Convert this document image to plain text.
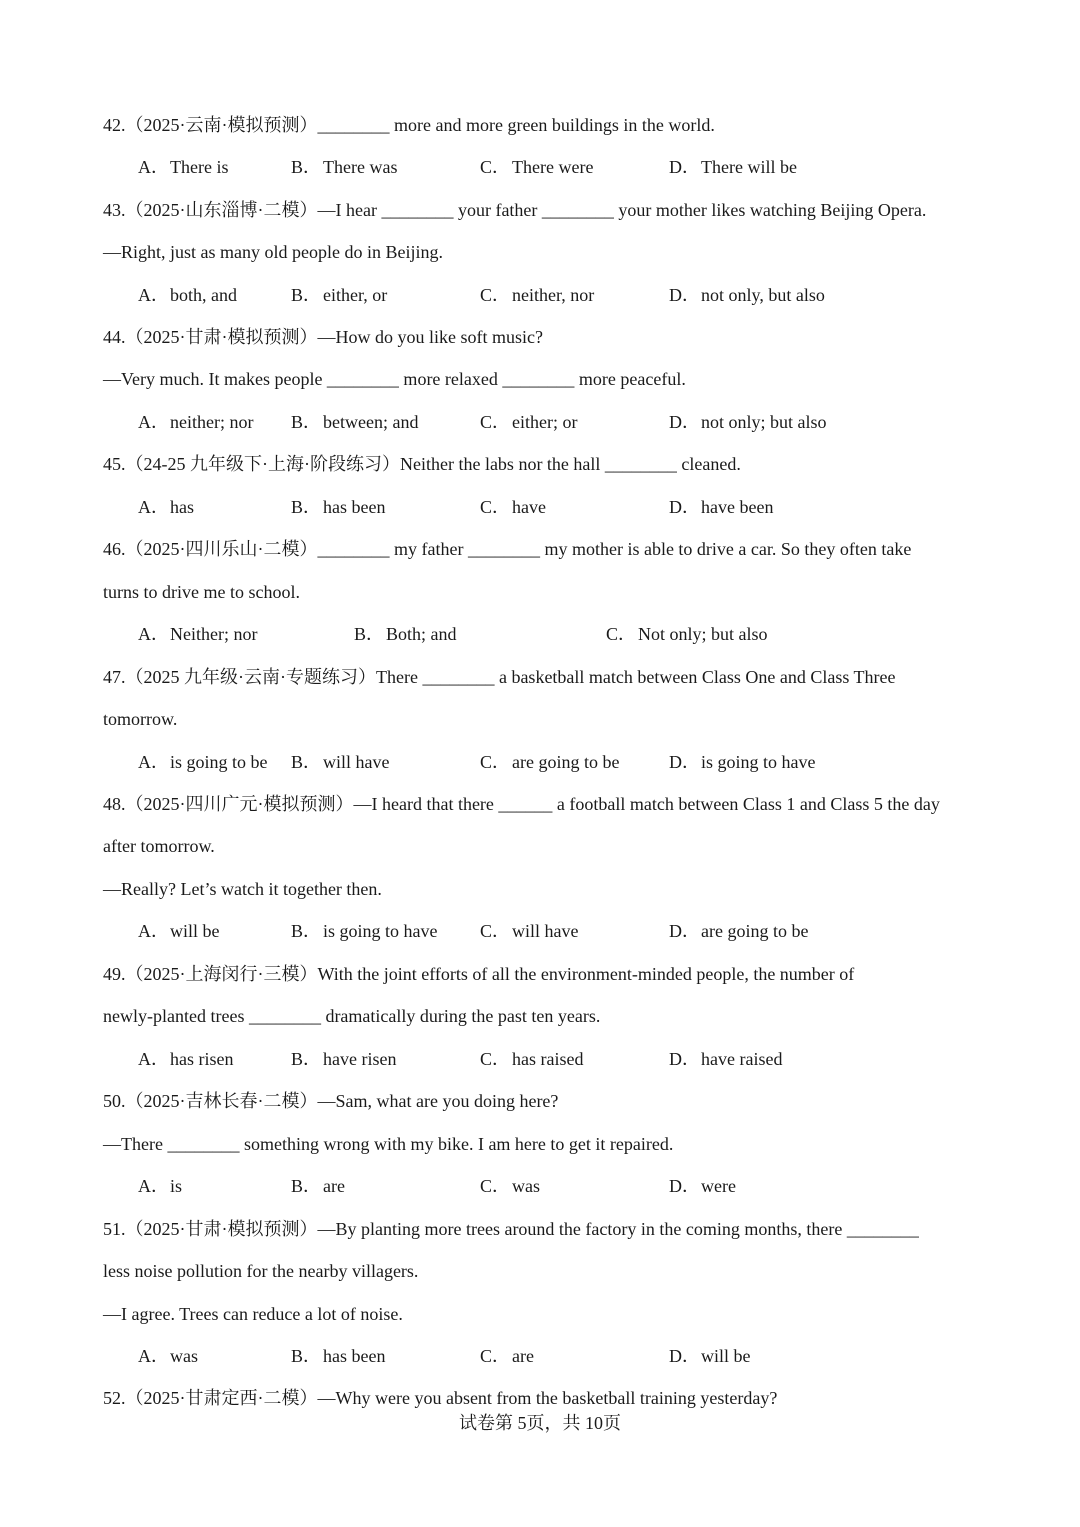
42.（2025·云南·模拟预测）________ more and more green buildings in the world.
A．There is	B． There was	C． There were	D．There will be
43.（2025·山东淄博·二模）—I hear ________ your father ________ your mother likes watching Beijing Opera.
—Right, just as many old people do in Beijing.
A．both, and	B． either, or	C． neither, nor	D．not only, but also
44.（2025·甘肃·模拟预测）—How do you like soft music?
—Very much. It makes people ________ more relaxed ________ more peaceful.
A．neither; nor B． between; and	C． either; or	D．not only; but also
45.（24-25 九年级下·上海·阶段练习）Neither the labs nor the hall ________ cleaned.
A．has	B． has been	C． have	D．have been
46.（2025·四川乐山·二模）________ my father ________ my mother is able to drive a car. So they often take
turns to drive me to school.
A．Neither; nor	B． Both; and	C． Not only; but also
47.（2025 九年级·云南·专题练习）There ________ a basketball match between Class One and Class Three
tomorrow.
A．is going to be B． will have	C． are going to be	D．is going to have
48.（2025·四川广元·模拟预测）—I heard that there ______ a football match between Class 1 and Class 5 the day
after tomorrow.
—Really? Let’s watch it together then.
A．will be	B． is going to have C． will have	D．are going to be
49.（2025·上海闵行·三模）With the joint efforts of all the environment-minded people, the number of
newly-planted trees ________ dramatically during the past ten years.
A．has risen	B． have risen	C． has raised	D．have raised
50.（2025·吉林长春·二模）—Sam, what are you doing here?
—There ________ something wrong with my bike. I am here to get it repaired.
A．is	B． are	C． was	D．were
51.（2025·甘肃·模拟预测）—By planting more trees around the factory in the coming months, there ________
less noise pollution for the nearby villagers.
—I agree. Trees can reduce a lot of noise.
A．was	B． has been	C． are	D．will be
52.（2025·甘肃定西·二模）—Why were you absent from the basketball training yesterday?
试卷第 5页，共 10页
